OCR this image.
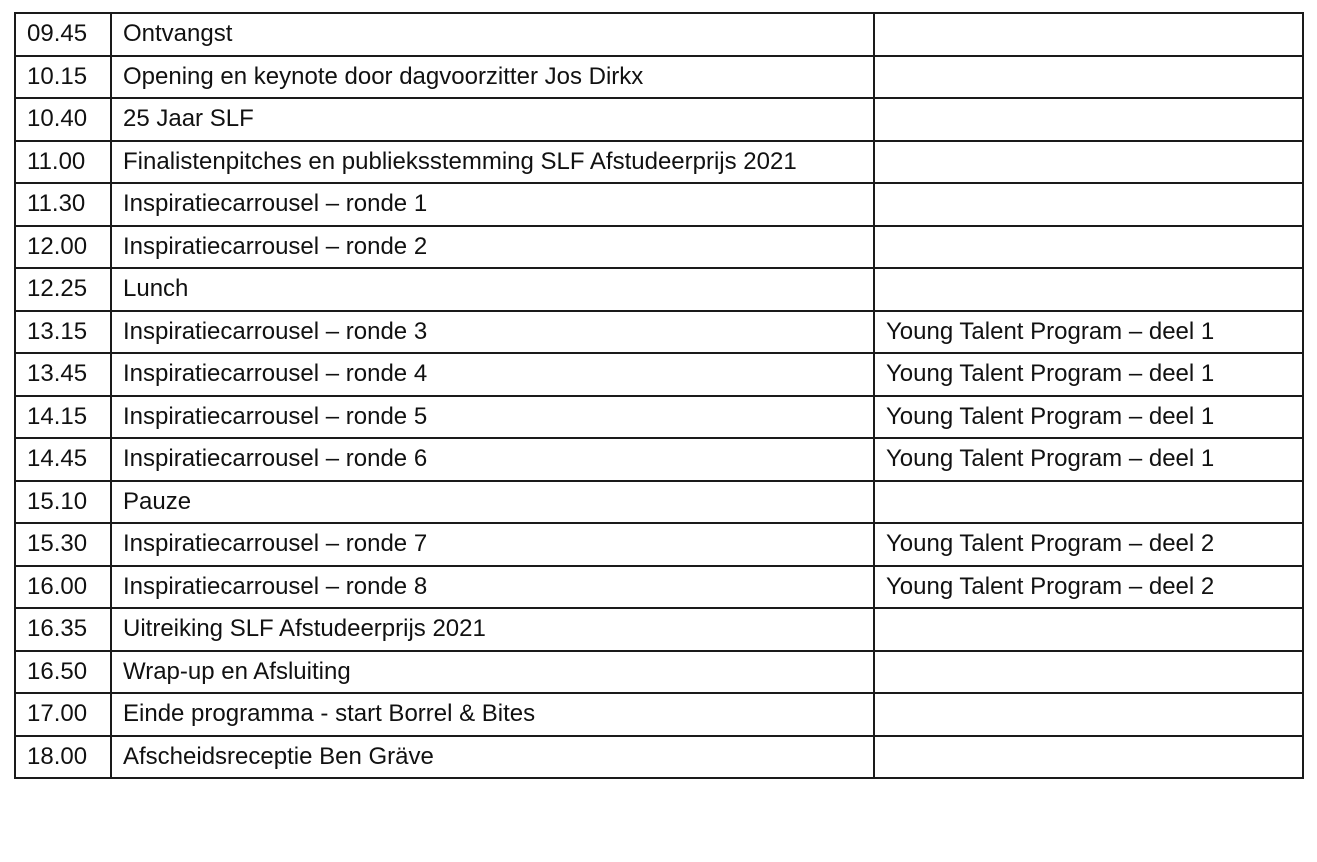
09.45	Ontvangst	
10.15	Opening en keynote door dagvoorzitter Jos Dirkx	
10.40	25 Jaar SLF	
11.00	Finalistenpitches en publieksstemming SLF Afstudeerprijs 2021	
11.30	Inspiratiecarrousel – ronde 1	
12.00	Inspiratiecarrousel – ronde 2	
12.25	Lunch	
13.15	Inspiratiecarrousel – ronde 3	Young Talent Program – deel 1
13.45	Inspiratiecarrousel – ronde 4	Young Talent Program – deel 1
14.15	Inspiratiecarrousel – ronde 5	Young Talent Program – deel 1
14.45	Inspiratiecarrousel – ronde 6	Young Talent Program – deel 1
15.10	Pauze	
15.30	Inspiratiecarrousel – ronde 7	Young Talent Program – deel 2
16.00	Inspiratiecarrousel – ronde 8	Young Talent Program – deel 2
16.35	Uitreiking SLF Afstudeerprijs 2021	
16.50	Wrap-up en Afsluiting	
17.00	Einde programma - start Borrel & Bites	
18.00	Afscheidsreceptie Ben Gräve	
